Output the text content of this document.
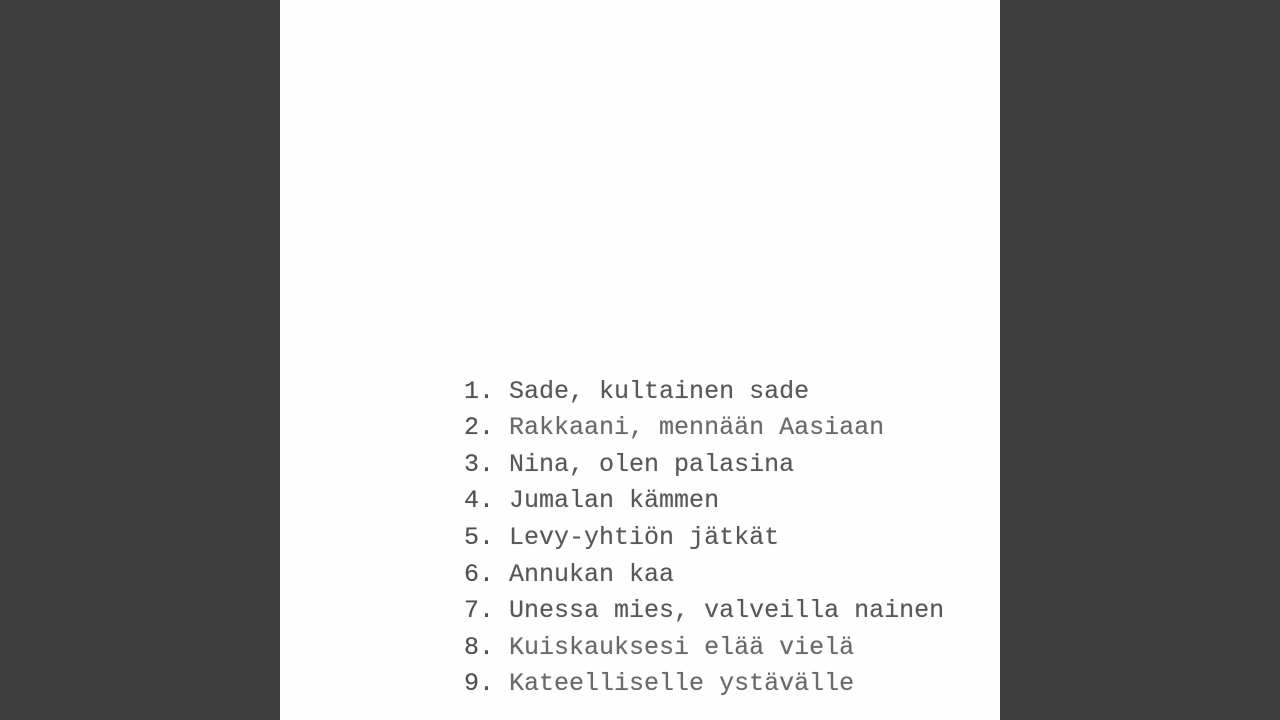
1. Sade, kultainen sade

2. Rakkaani, mennään Aasiaan

3. Nina, olen palasina

4. Jumalan kämmen

5. Levy-yhtiön jätkät

6. Annukan kaa

7. Unessa mies, valveilla nainen

8. Kuiskauksesi elää vielä

9. Kateelliselle ystävälle
